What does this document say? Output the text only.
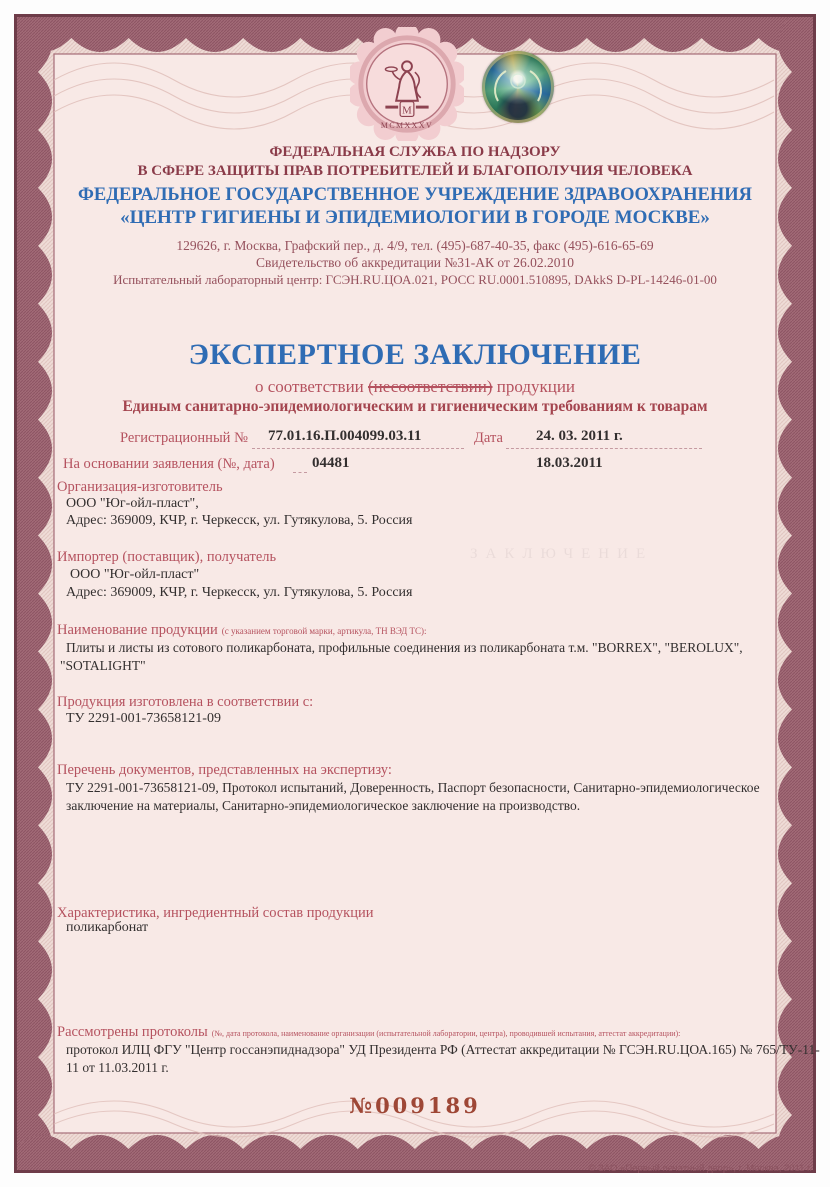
M
MCMXXXV
ФЕДЕРАЛЬНАЯ СЛУЖБА ПО НАДЗОРУ
В СФЕРЕ ЗАЩИТЫ ПРАВ ПОТРЕБИТЕЛЕЙ И БЛАГОПОЛУЧИЯ ЧЕЛОВЕКА
ФЕДЕРАЛЬНОЕ ГОСУДАРСТВЕННОЕ УЧРЕЖДЕНИЕ ЗДРАВООХРАНЕНИЯ
«ЦЕНТР ГИГИЕНЫ И ЭПИДЕМИОЛОГИИ В ГОРОДЕ МОСКВЕ»
129626, г. Москва, Графский пер., д. 4/9, тел. (495)-687-40-35, факс (495)-616-65-69
Свидетельство об аккредитации №31-АК от 26.02.2010
Испытательный лабораторный центр: ГСЭН.RU.ЦОА.021, РОСС RU.0001.510895, DAkkS D-PL-14246-01-00
ЭКСПЕРТНОЕ ЗАКЛЮЧЕНИЕ
о соответствии (несоответствии) продукции
Единым санитарно-эпидемиологическим и гигиеническим требованиям к товарам
Регистрационный № 77.01.16.П.004099.03.11	Дата 24. 03. 2011 г.
На основании заявления (№, дата) 04481	18.03.2011
Организация-изготовитель
ООО "Юг-ойл-пласт",
Адрес: 369009, КЧР, г. Черкесск, ул. Гутякулова, 5. Россия
Импортер (поставщик), получатель
ООО "Юг-ойл-пласт"
Адрес: 369009, КЧР, г. Черкесск, ул. Гутякулова, 5. Россия
Наименование продукции (с указанием торговой марки, артикула, ТН ВЭД ТС):
Плиты и листы из сотового поликарбоната, профильные соединения из поликарбоната т.м. "BORREX", "BEROLUX",
"SOTALIGHT"
Продукция изготовлена в соответствии с:
ТУ 2291-001-73658121-09
Перечень документов, представленных на экспертизу:
ТУ 2291-001-73658121-09, Протокол испытаний, Доверенность, Паспорт безопасности, Санитарно-эпидемиологическое
заключение на материалы, Санитарно-эпидемиологическое заключение на производство.
Характеристика, ингредиентный состав продукции
поликарбонат
Рассмотрены протоколы (№, дата протокола, наименование организации (испытательной лаборатории, центра), проводившей испытания, аттестат аккредитации):
протокол ИЛЦ ФГУ "Центр госсанэпиднадзора" УД Президента РФ (Аттестат аккредитации № ГСЭН.RU.ЦОА.165) № 765/ТУ-11-
11 от 11.03.2011 г.
ЗАКЛЮЧЕНИЕ
№009189
© ЗАО «Первый печатный двор», г. Москва, 2011 г.
